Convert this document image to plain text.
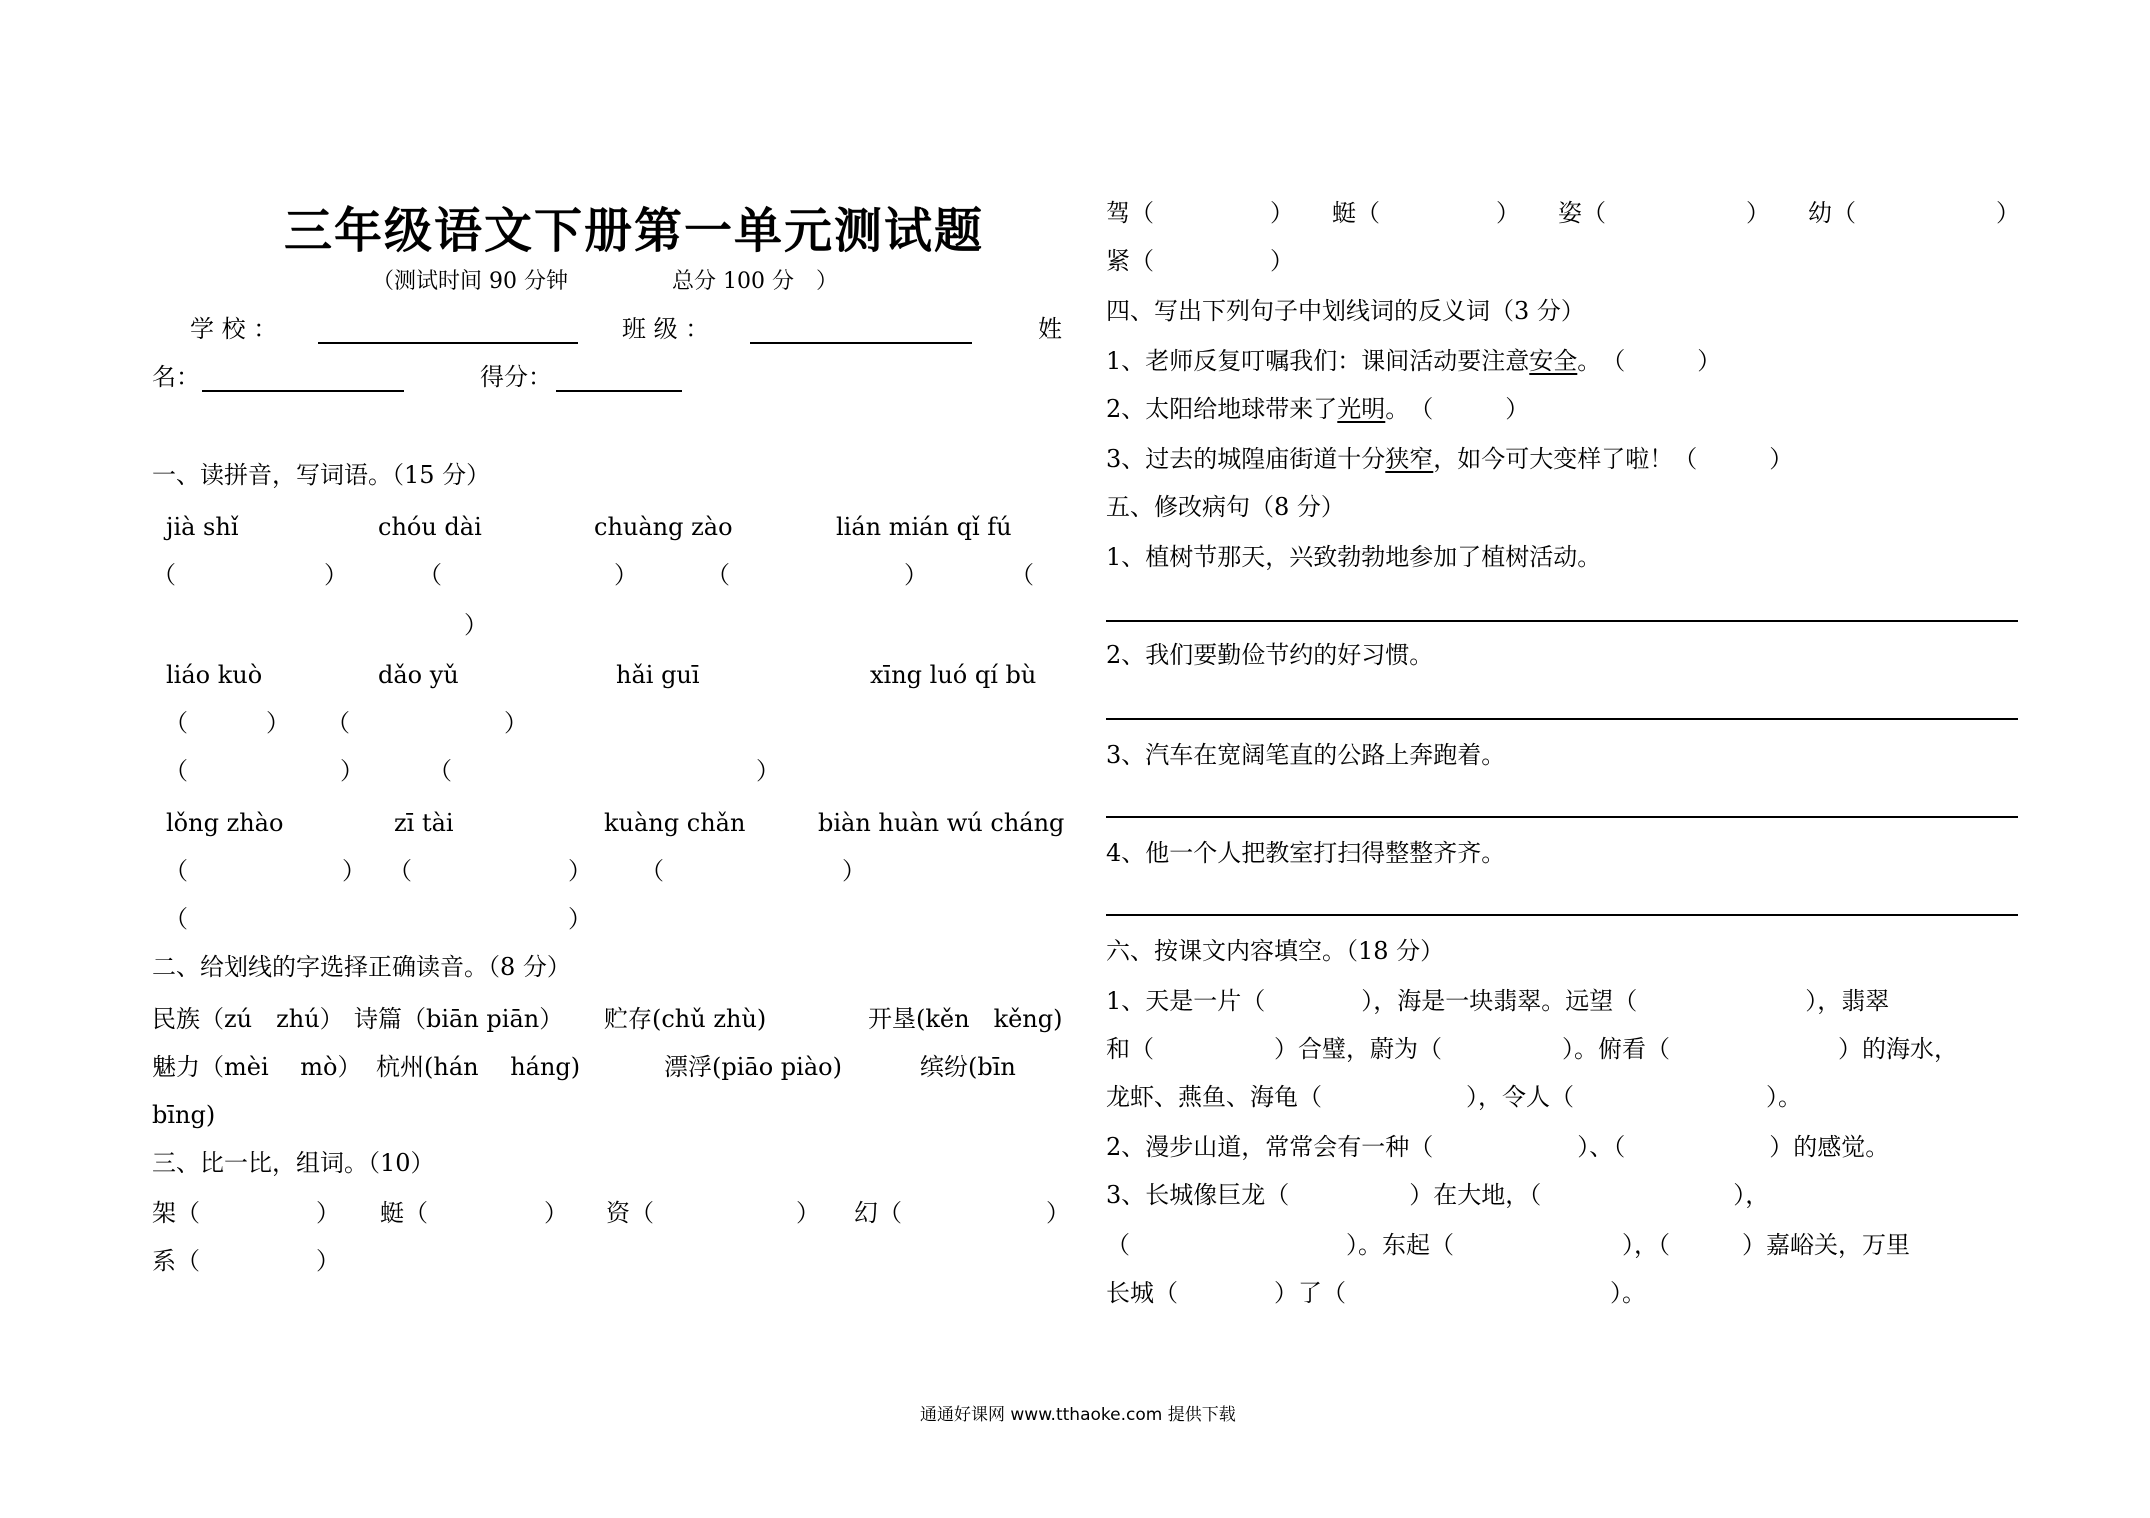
三年级语文下册第一单元测试题
（测试时间 90 分钟	总分 100 分　）
学 校 ：	班 级 ：	姓
名：	得分：
一、读拼音，写词语。（15 分）
jià shǐ	chóu dài	chuàng zào	lián mián qǐ fú
（	）	（	）	（	）	（
）
liáo kuò	dǎo yǔ	hǎi guī	xīng luó qí bù
（	） （	）
（	）	（	）
lǒng zhào	zī tài	kuàng chǎn	biàn huàn wú cháng
（	） （	） （	）
（	）
二、给划线的字选择正确读音。（8 分）
民族（zú　zhú） 诗篇（biān piān） 贮存(chǔ zhù)	开垦(kěn　kěng)
魅力（mèi　 mò） 杭州(hán　 háng)	漂浮(piāo piào)	缤纷(bīn
bīng)
三、比一比，组词。（10）
架（	） 蜓（	） 资（	） 幻（	）
系（	）
驾（	） 蜓（	） 姿（	） 幼（	）
紧（	）
四、写出下列句子中划线词的反义词（3 分）
1、老师反复叮嘱我们：课间活动要注意安全。　（　　　）
2、太阳给地球带来了光明。　（　　　）
3、过去的城隍庙街道十分狭窄，如今可大变样了啦！（　　　）
五、修改病句（8 分）
1、植树节那天，兴致勃勃地参加了植树活动。
2、我们要勤俭节约的好习惯。
3、汽车在宽阔笔直的公路上奔跑着。
4、他一个人把教室打扫得整整齐齐。
六、按课文内容填空。（18 分）
1、天是一片（　　　　），海是一块翡翠。远望（　　　　　　　），翡翠
和（　　　　　）合璧，蔚为（　　　　　）。俯看（　　　　　　　）的海水，
龙虾、燕鱼、海龟（　　　　　　），令人（　　　　　　　　）。
2、漫步山道，常常会有一种（　　　　　　）、（　　　　　　）的感觉。
3、长城像巨龙（　　　　　）在大地，（　　　　　　　　），
（　　　　　　　　　）。东起（　　　　　　　），（　　　）嘉峪关，万里
长城（　　　　）了（　　　　　　　　　　　）。
通通好课网 www.tthaoke.com 提供下载
